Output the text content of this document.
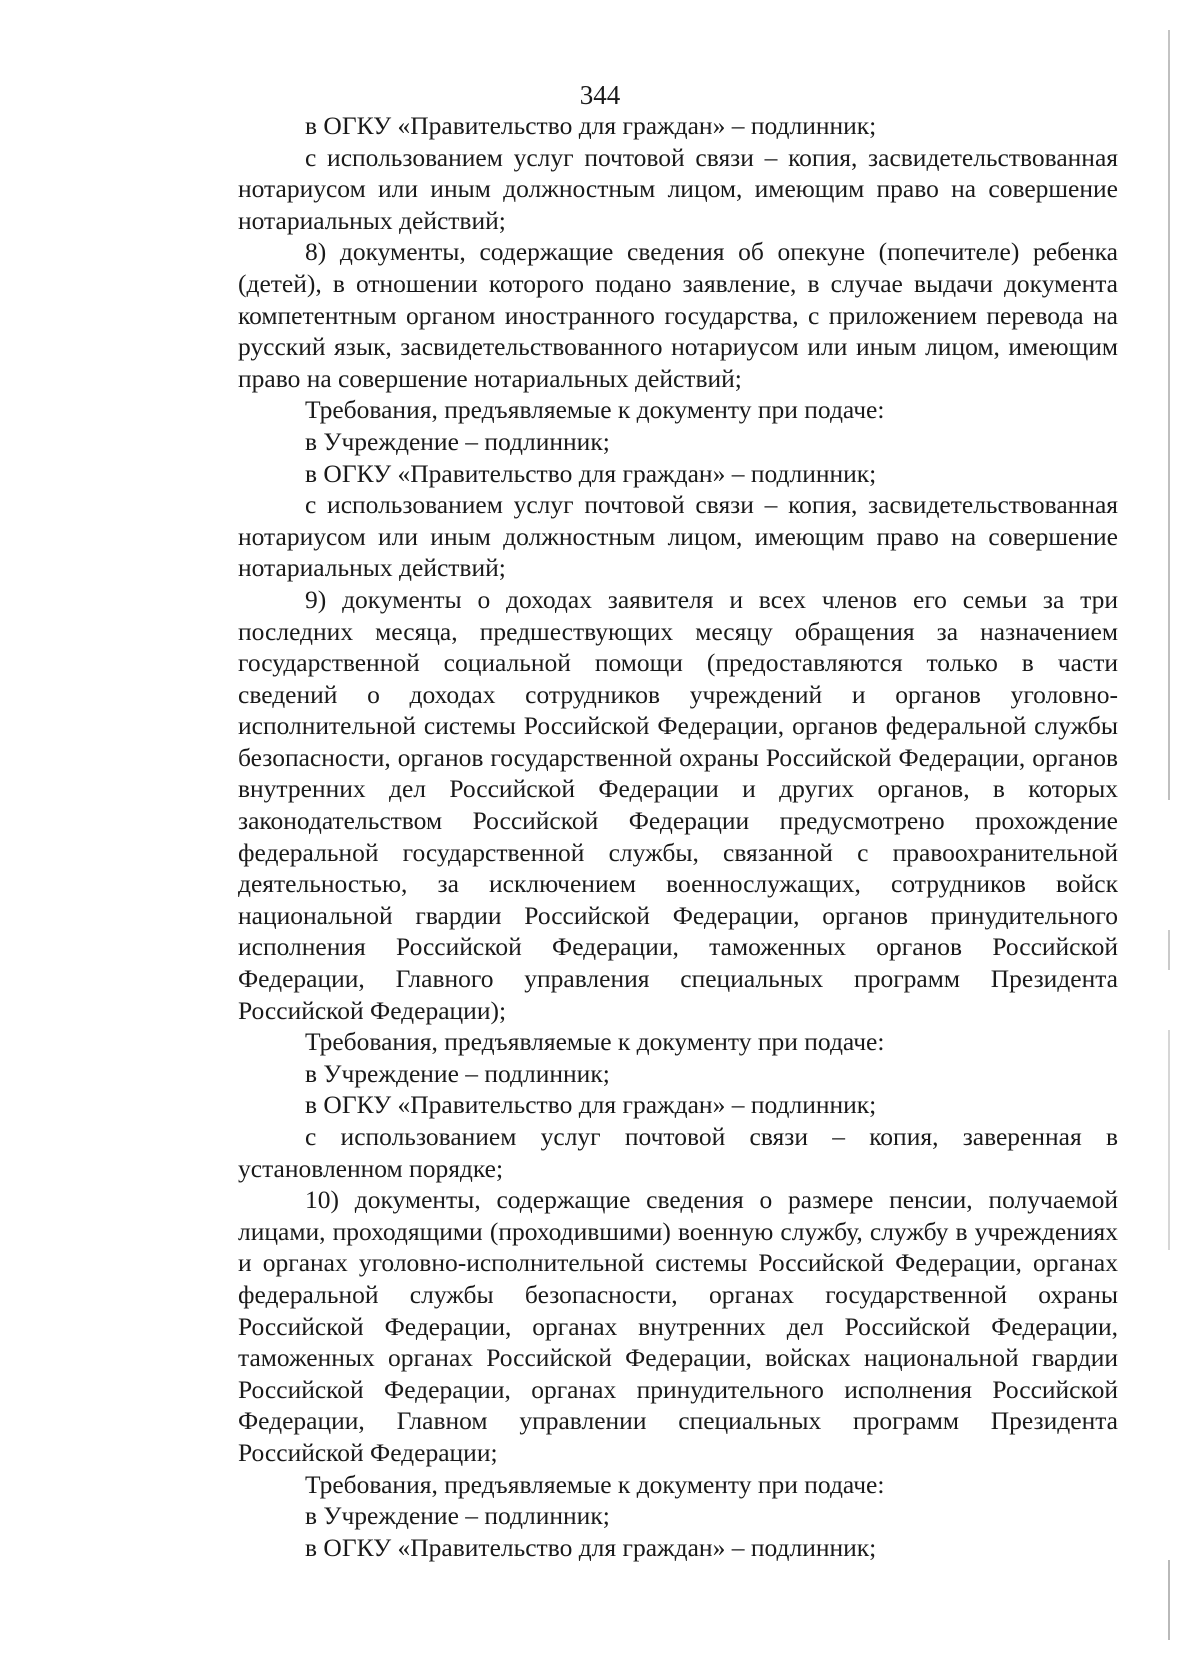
344

в ОГКУ «Правительство для граждан» – подлинник;

с использованием услуг почтовой связи – копия, засвидетельствованная нотариусом или иным должностным лицом, имеющим право на совершение нотариальных действий;

8) документы, содержащие сведения об опекуне (попечителе) ребенка (детей), в отношении которого подано заявление, в случае выдачи документа компетентным органом иностранного государства, с приложением перевода на русский язык, засвидетельствованного нотариусом или иным лицом, имеющим право на совершение нотариальных действий;

Требования, предъявляемые к документу при подаче:

в Учреждение – подлинник;

в ОГКУ «Правительство для граждан» – подлинник;

с использованием услуг почтовой связи – копия, засвидетельствованная нотариусом или иным должностным лицом, имеющим право на совершение нотариальных действий;

9) документы о доходах заявителя и всех членов его семьи за три последних месяца, предшествующих месяцу обращения за назначением государственной социальной помощи (предоставляются только в части сведений о доходах сотрудников учреждений и органов уголовно-исполнительной системы Российской Федерации, органов федеральной службы безопасности, органов государственной охраны Российской Федерации, органов внутренних дел Российской Федерации и других органов, в которых законодательством Российской Федерации предусмотрено прохождение федеральной государственной службы, связанной с правоохранительной деятельностью, за исключением военнослужащих, сотрудников войск национальной гвардии Российской Федерации, органов принудительного исполнения Российской Федерации, таможенных органов Российской Федерации, Главного управления специальных программ Президента Российской Федерации);

Требования, предъявляемые к документу при подаче:

в Учреждение – подлинник;

в ОГКУ «Правительство для граждан» – подлинник;

с использованием услуг почтовой связи – копия, заверенная в установленном порядке;

10) документы, содержащие сведения о размере пенсии, получаемой лицами, проходящими (проходившими) военную службу, службу в учреждениях и органах уголовно-исполнительной системы Российской Федерации, органах федеральной службы безопасности, органах государственной охраны Российской Федерации, органах внутренних дел Российской Федерации, таможенных органах Российской Федерации, войсках национальной гвардии Российской Федерации, органах принудительного исполнения Российской Федерации, Главном управлении специальных программ Президента Российской Федерации;

Требования, предъявляемые к документу при подаче:

в Учреждение – подлинник;

в ОГКУ «Правительство для граждан» – подлинник;
